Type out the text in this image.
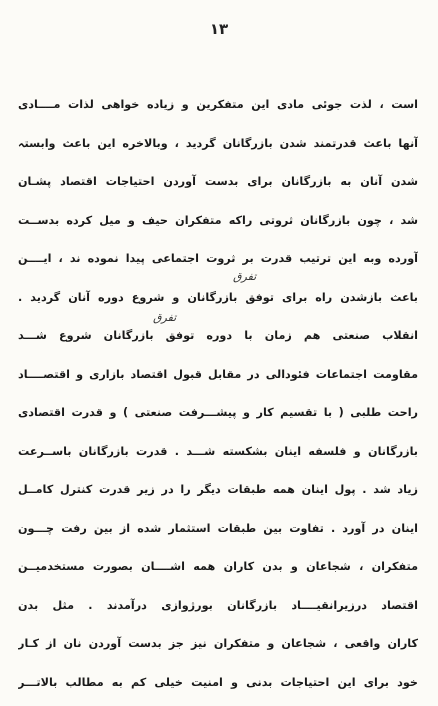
۱۳
است ، لذت جوئی مادی این متفکرین و زیاده خواهی لذات مــــادی
آنها باعث قدرتمند شدن بازرگانان گردید ، وبالاخره این باعث وابستہ
شدن آنان به بازرگانان برای بدست آوردن احتیاجات اقتصاد پشـان
شد ، چون بازرگانان ثروتی راکه متفکران حیف و میل کرده بدســت
آورده وبه این ترتیب قدرت بر ثروت اجتماعی پیدا نموده ند ، ایــــن
باعث بازشدن راه برای توفق بازرگانان و شروع دوره آنان گردید .
انقلاب صنعتی هم زمان با دوره توفق بازرگانان شروع شـــد
مقاومت اجتماعات فئودالی در مقابل قبول اقتصاد بازاری و اقتصــــاد
راحت طلبی ( با تقسیم کار و پیشـــرفت صنعتی ) و قدرت اقتصادی
بازرگانان و فلسفه اینان بشکسته شـــد . قدرت بازرگانان باســرعت
زیاد شد . پول اینان همه طبقات دیگر را در زیر قدرت کنترل کامــل
اینان در آورد . تفاوت بین طبقات استثمار شده از بین رفت چـــون
متفکران ، شجاعان و بدن کاران همه اشــــان بصورت مستخدمیــن
اقتصاد درزیرانقیــــاد بازرگانان بورژوازی درآمدند . مثل بدن
کاران واقعی ، شجاعان و متفکران نیز جز بدست آوردن نان از کـار
خود برای این احتیاجات بدنی و امنیت خیلی کم به مطالب بالاتـــر
تفرق
تفرق
